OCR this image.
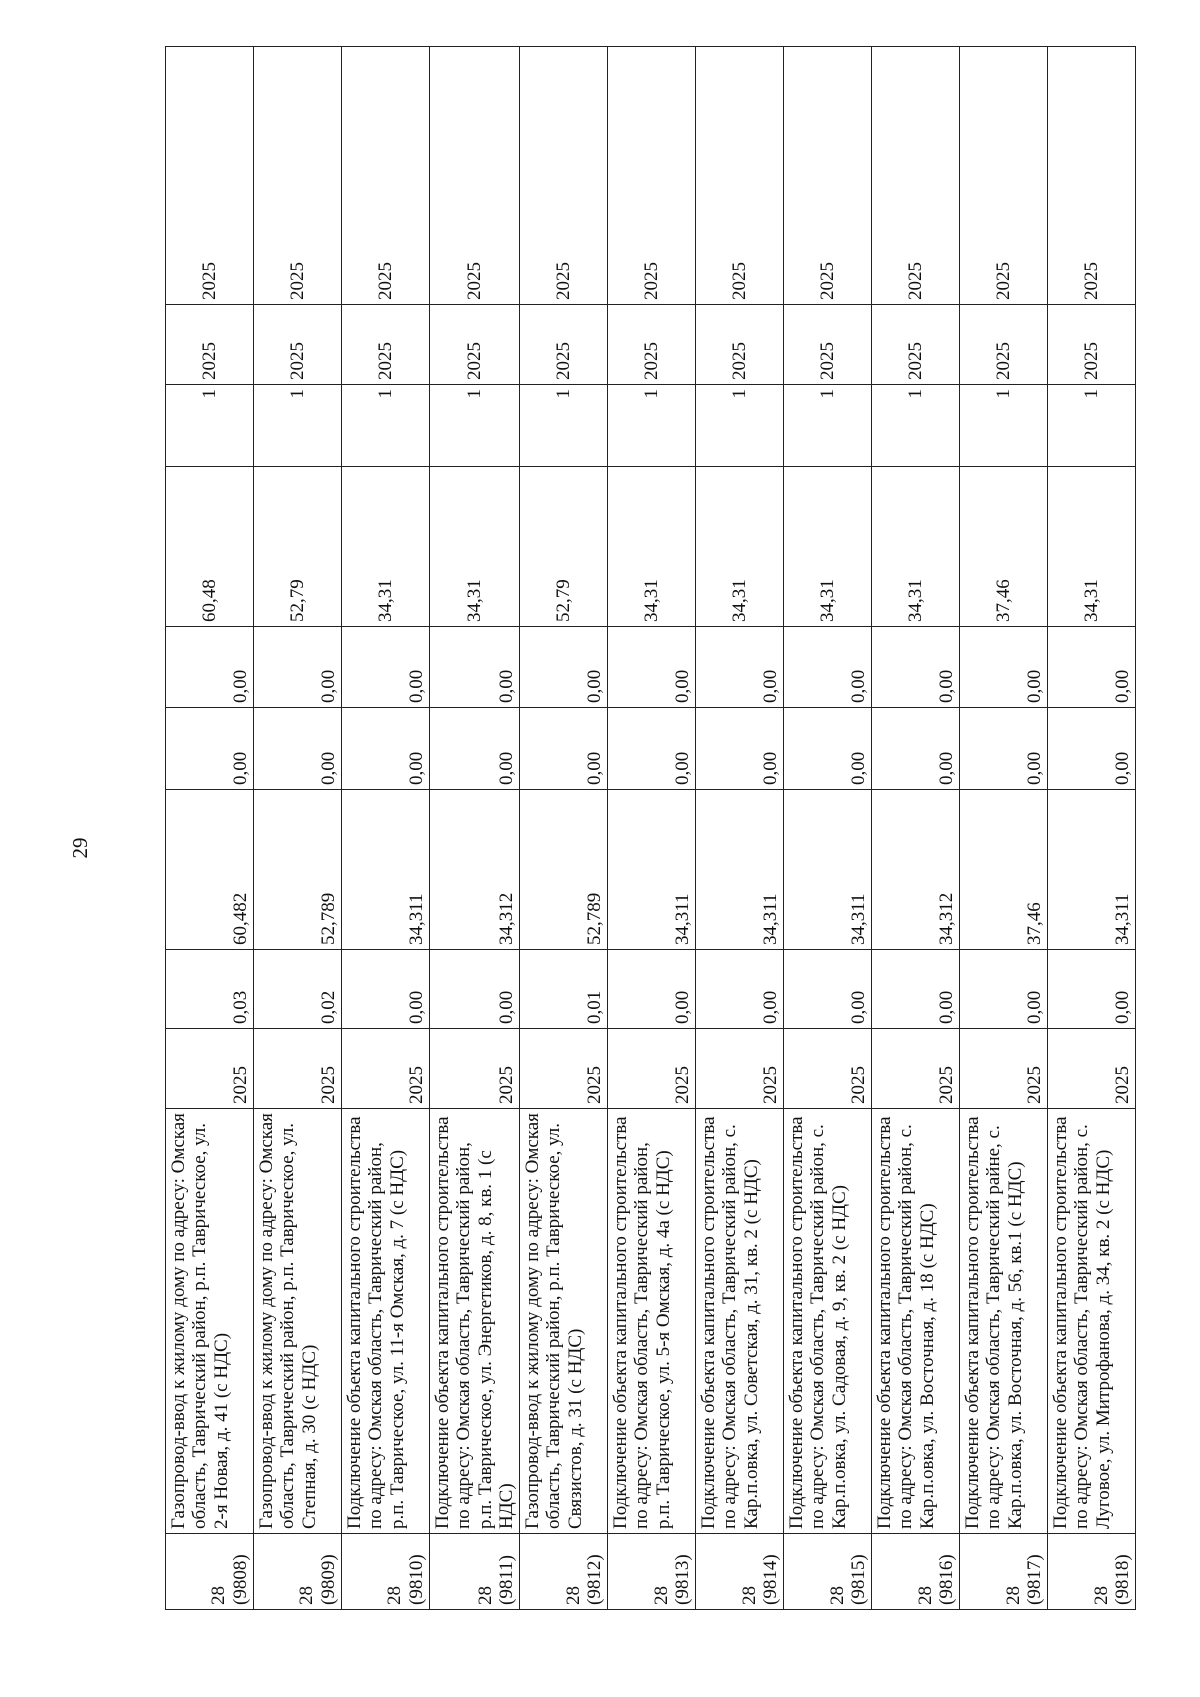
29
28
(9808)	Газопровод-ввод к жилому дому по адресу: Омская область, Таврический район, р.п. Таврическое, ул. 2-я Новая, д. 41 (с НДС)	2025	0,03	60,482	0,00	0,00	60,48	1	2025	2025
28
(9809)	Газопровод-ввод к жилому дому по адресу: Омская область, Таврический район, р.п. Таврическое, ул. Степная, д. 30 (с НДС)	2025	0,02	52,789	0,00	0,00	52,79	1	2025	2025
28
(9810)	Подключение объекта капитального строительства по адресу: Омская область, Таврический район, р.п. Таврическое, ул. 11-я Омская, д. 7 (с НДС)	2025	0,00	34,311	0,00	0,00	34,31	1	2025	2025
28
(9811)	Подключение объекта капитального строительства по адресу: Омская область, Таврический район, р.п. Таврическое, ул. Энергетиков, д. 8, кв. 1 (с НДС)	2025	0,00	34,312	0,00	0,00	34,31	1	2025	2025
28
(9812)	Газопровод-ввод к жилому дому по адресу: Омская область, Таврический район, р.п. Таврическое, ул. Связистов, д. 31 (с НДС)	2025	0,01	52,789	0,00	0,00	52,79	1	2025	2025
28
(9813)	Подключение объекта капитального строительства по адресу: Омская область, Таврический район, р.п. Таврическое, ул. 5-я Омская, д. 4а (с НДС)	2025	0,00	34,311	0,00	0,00	34,31	1	2025	2025
28
(9814)	Подключение объекта капитального строительства по адресу: Омская область, Таврический район, с. Кар.п.овка, ул. Советская, д. 31, кв. 2 (с НДС)	2025	0,00	34,311	0,00	0,00	34,31	1	2025	2025
28
(9815)	Подключение объекта капитального строительства по адресу: Омская область, Таврический район, с. Кар.п.овка, ул. Садовая, д. 9, кв. 2 (с НДС)	2025	0,00	34,311	0,00	0,00	34,31	1	2025	2025
28
(9816)	Подключение объекта капитального строительства по адресу: Омская область, Таврический район, с. Кар.п.овка, ул. Восточная, д. 18 (с НДС)	2025	0,00	34,312	0,00	0,00	34,31	1	2025	2025
28
(9817)	Подключение объекта капитального строительства по адресу: Омская область, Таврический райне, с. Кар.п.овка, ул. Восточная, д. 56, кв.1 (с НДС)	2025	0,00	37,46	0,00	0,00	37,46	1	2025	2025
28
(9818)	Подключение объекта капитального строительства по адресу: Омская область, Таврический район, с. Луговое, ул. Митрофанова, д. 34, кв. 2 (с НДС)	2025	0,00	34,311	0,00	0,00	34,31	1	2025	2025
